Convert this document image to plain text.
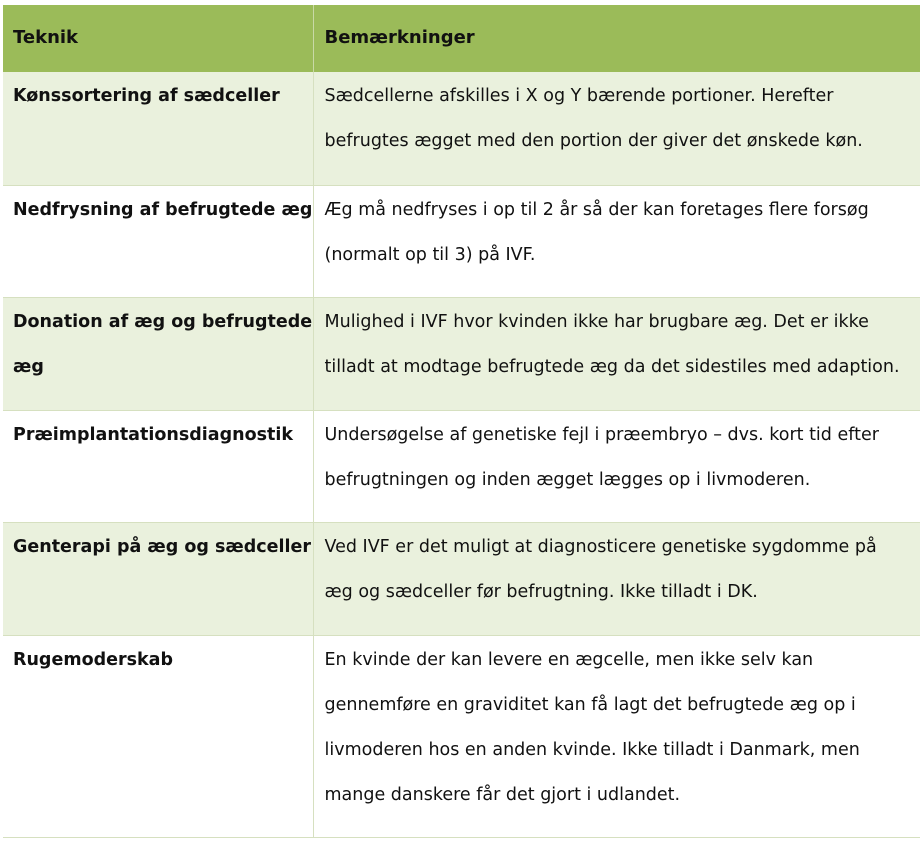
Teknik	Bemærkninger
Kønssortering af sædceller	Sædcellerne afskilles i X og Y bærende portioner. Herefter befrugtes ægget med den portion der giver det ønskede køn.
Nedfrysning af befrugtede æg	Æg må nedfryses i op til 2 år så der kan foretages flere forsøg (normalt op til 3) på IVF.
Donation af æg og befrugtede æg	Mulighed i IVF hvor kvinden ikke har brugbare æg. Det er ikke tilladt at modtage befrugtede æg da det sidestiles med adaption.
Præimplantationsdiagnostik	Undersøgelse af genetiske fejl i præembryo – dvs. kort tid efter befrugtningen og inden ægget lægges op i livmoderen.
Genterapi på æg og sædceller	Ved IVF er det muligt at diagnosticere genetiske sygdomme på æg og sædceller før befrugtning. Ikke tilladt i DK.
Rugemoderskab	En kvinde der kan levere en ægcelle, men ikke selv kan gennemføre en graviditet kan få lagt det befrugtede æg op i livmoderen hos en anden kvinde. Ikke tilladt i Danmark, men mange danskere får det gjort i udlandet.
